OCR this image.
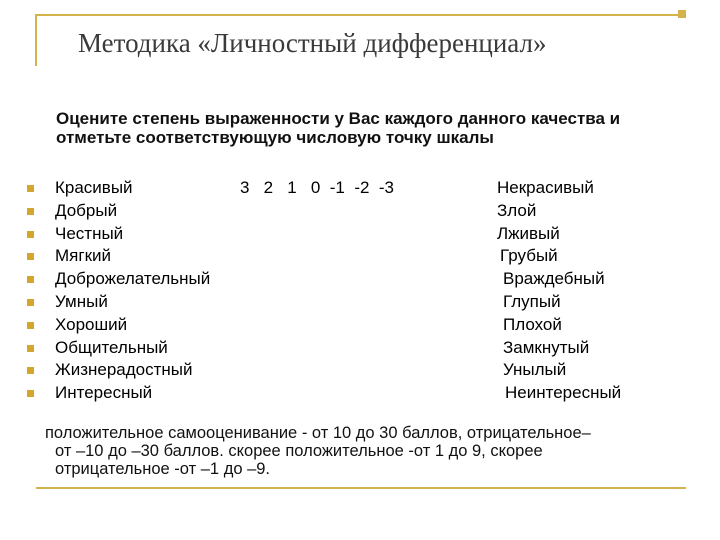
Методика «Личностный дифференциал»
Оцените степень выраженности у Вас каждого данного качества и отметьте соответствующую числовую точку шкалы
3   2   1   0  -1  -2  -3
Красивый	Некрасивый
Добрый	Злой
Честный	Лживый
Мягкий	Грубый
Доброжелательный	Враждебный
Умный	Глупый
Хороший	Плохой
Общительный	Замкнутый
Жизнерадостный	Унылый
Интересный	Неинтересный
положительное самооценивание - от 10 до 30 баллов, отрицательное–
от –10 до –30 баллов. скорее положительное -от 1 до 9, скорее
отрицательное -от –1 до –9.
